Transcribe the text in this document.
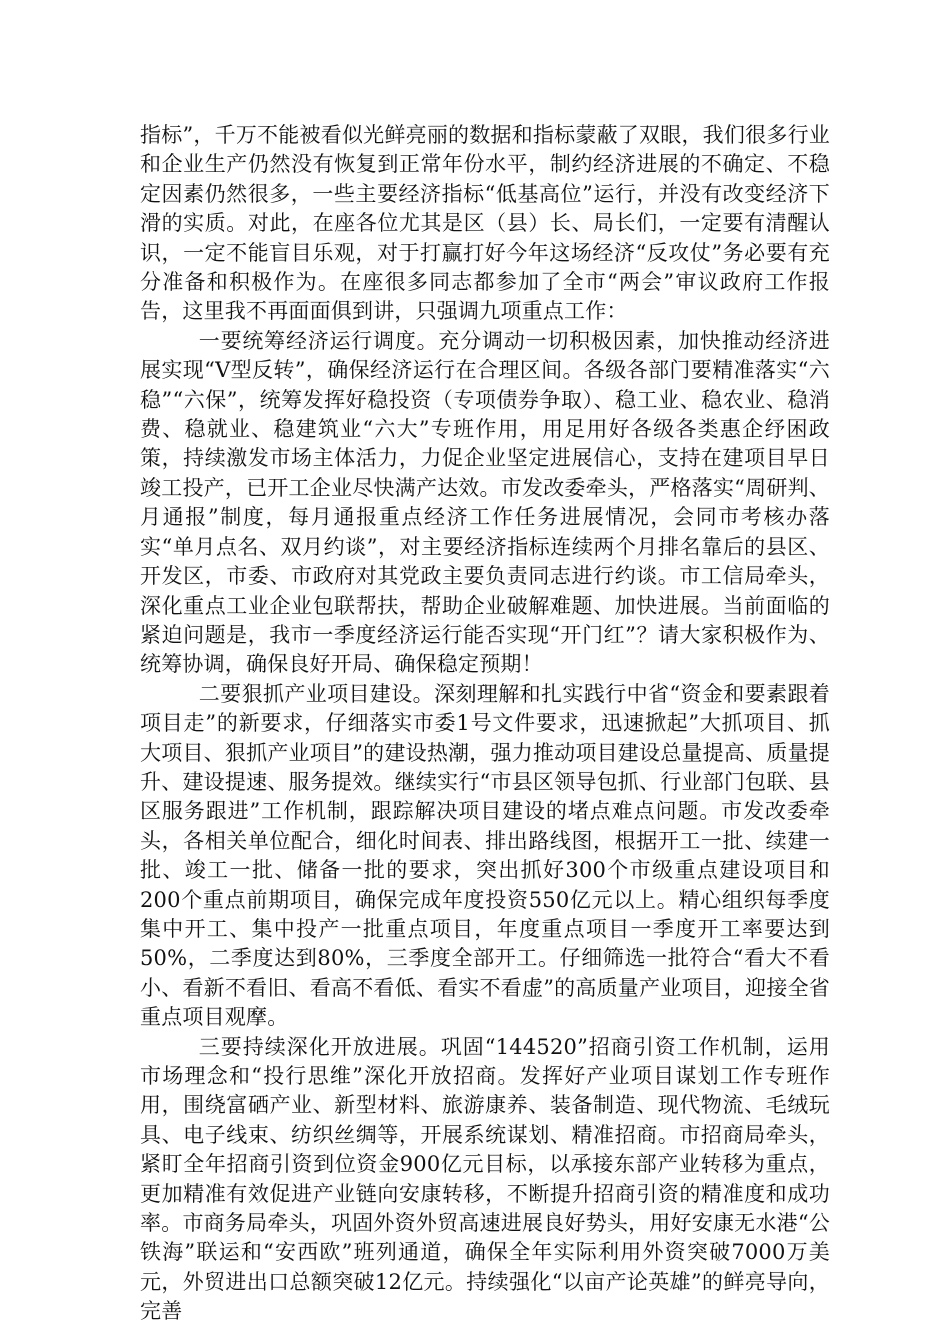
指标”，千万不能被看似光鲜亮丽的数据和指标蒙蔽了双眼，我们很多行业和企业生产仍然没有恢复到正常年份水平，制约经济进展的不确定、不稳定因素仍然很多，一些主要经济指标“低基高位”运行，并没有改变经济下滑的实质。对此，在座各位尤其是区（县）长、局长们，一定要有清醒认识，一定不能盲目乐观，对于打赢打好今年这场经济“反攻仗”务必要有充分准备和积极作为。在座很多同志都参加了全市“两会”审议政府工作报告，这里我不再面面俱到讲，只强调九项重点工作：

一要统筹经济运行调度。充分调动一切积极因素，加快推动经济进展实现“V型反转”，确保经济运行在合理区间。各级各部门要精准落实“六稳”“六保”，统筹发挥好稳投资（专项债券争取）、稳工业、稳农业、稳消费、稳就业、稳建筑业“六大”专班作用，用足用好各级各类惠企纾困政策，持续激发市场主体活力，力促企业坚定进展信心，支持在建项目早日竣工投产，已开工企业尽快满产达效。市发改委牵头，严格落实“周研判、月通报”制度，每月通报重点经济工作任务进展情况，会同市考核办落实“单月点名、双月约谈”，对主要经济指标连续两个月排名靠后的县区、开发区，市委、市政府对其党政主要负责同志进行约谈。市工信局牵头，深化重点工业企业包联帮扶，帮助企业破解难题、加快进展。当前面临的紧迫问题是，我市一季度经济运行能否实现“开门红”？请大家积极作为、统筹协调，确保良好开局、确保稳定预期！

二要狠抓产业项目建设。深刻理解和扎实践行中省“资金和要素跟着项目走”的新要求，仔细落实市委1号文件要求，迅速掀起”大抓项目、抓大项目、狠抓产业项目”的建设热潮，强力推动项目建设总量提高、质量提升、建设提速、服务提效。继续实行“市县区领导包抓、行业部门包联、县区服务跟进”工作机制，跟踪解决项目建设的堵点难点问题。市发改委牵头，各相关单位配合，细化时间表、排出路线图，根据开工一批、续建一批、竣工一批、储备一批的要求，突出抓好300个市级重点建设项目和200个重点前期项目，确保完成年度投资550亿元以上。精心组织每季度集中开工、集中投产一批重点项目，年度重点项目一季度开工率要达到50%，二季度达到80%，三季度全部开工。仔细筛选一批符合“看大不看小、看新不看旧、看高不看低、看实不看虚”的高质量产业项目，迎接全省重点项目观摩。

三要持续深化开放进展。巩固“144520”招商引资工作机制，运用市场理念和“投行思维”深化开放招商。发挥好产业项目谋划工作专班作用，围绕富硒产业、新型材料、旅游康养、装备制造、现代物流、毛绒玩具、电子线束、纺织丝绸等，开展系统谋划、精准招商。市招商局牵头，紧盯全年招商引资到位资金900亿元目标，以承接东部产业转移为重点，更加精准有效促进产业链向安康转移，不断提升招商引资的精准度和成功率。市商务局牵头，巩固外资外贸高速进展良好势头，用好安康无水港“公铁海”联运和“安西欧”班列通道，确保全年实际利用外资突破7000万美元，外贸进出口总额突破12亿元。持续强化“以亩产论英雄”的鲜亮导向，完善
